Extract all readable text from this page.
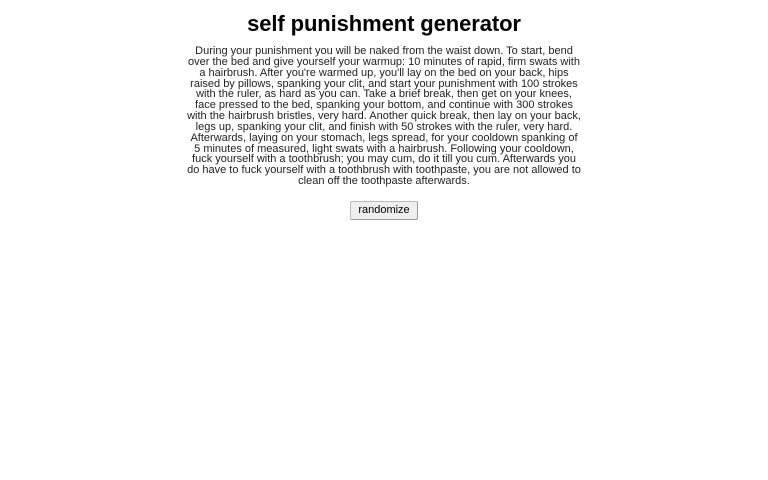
self punishment generator

During your punishment you will be naked from the waist down. To start, bend over the bed and give yourself your warmup: 10 minutes of rapid, firm swats with a hairbrush. After you're warmed up, you'll lay on the bed on your back, hips raised by pillows, spanking your clit, and start your punishment with 100 strokes with the ruler, as hard as you can. Take a brief break, then get on your knees, face pressed to the bed, spanking your bottom, and continue with 300 strokes with the hairbrush bristles, very hard. Another quick break, then lay on your back, legs up, spanking your clit, and finish with 50 strokes with the ruler, very hard. Afterwards, laying on your stomach, legs spread, for your cooldown spanking of 5 minutes of measured, light swats with a hairbrush. Following your cooldown, fuck yourself with a toothbrush; you may cum, do it till you cum. Afterwards you do have to fuck yourself with a toothbrush with toothpaste, you are not allowed to clean off the toothpaste afterwards.

randomize
